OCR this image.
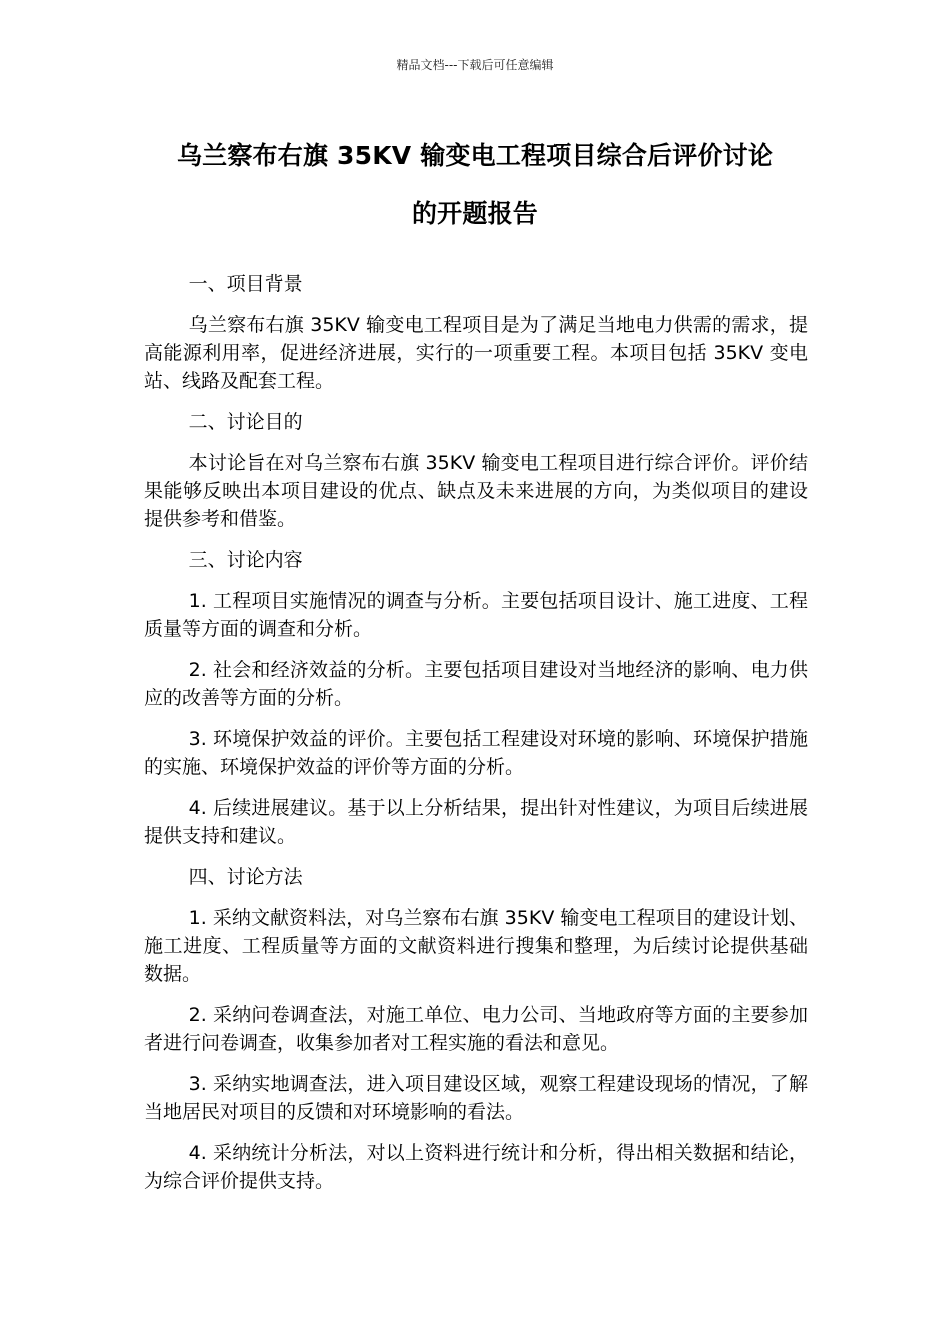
精品文档---下载后可任意编辑
乌兰察布右旗 35KV 输变电工程项目综合后评价讨论
的开题报告

一、项目背景

乌兰察布右旗 35KV 输变电工程项目是为了满足当地电力供需的需求，提高能源利用率，促进经济进展，实行的一项重要工程。本项目包括 35KV 变电站、线路及配套工程。

二、讨论目的

本讨论旨在对乌兰察布右旗 35KV 输变电工程项目进行综合评价。评价结果能够反映出本项目建设的优点、缺点及未来进展的方向，为类似项目的建设提供参考和借鉴。

三、讨论内容

1. 工程项目实施情况的调查与分析。主要包括项目设计、施工进度、工程质量等方面的调查和分析。

2. 社会和经济效益的分析。主要包括项目建设对当地经济的影响、电力供应的改善等方面的分析。

3. 环境保护效益的评价。主要包括工程建设对环境的影响、环境保护措施的实施、环境保护效益的评价等方面的分析。

4. 后续进展建议。基于以上分析结果，提出针对性建议，为项目后续进展提供支持和建议。

四、讨论方法

1. 采纳文献资料法，对乌兰察布右旗 35KV 输变电工程项目的建设计划、施工进度、工程质量等方面的文献资料进行搜集和整理，为后续讨论提供基础数据。

2. 采纳问卷调查法，对施工单位、电力公司、当地政府等方面的主要参加者进行问卷调查，收集参加者对工程实施的看法和意见。

3. 采纳实地调查法，进入项目建设区域，观察工程建设现场的情况，了解当地居民对项目的反馈和对环境影响的看法。

4. 采纳统计分析法，对以上资料进行统计和分析，得出相关数据和结论，为综合评价提供支持。
